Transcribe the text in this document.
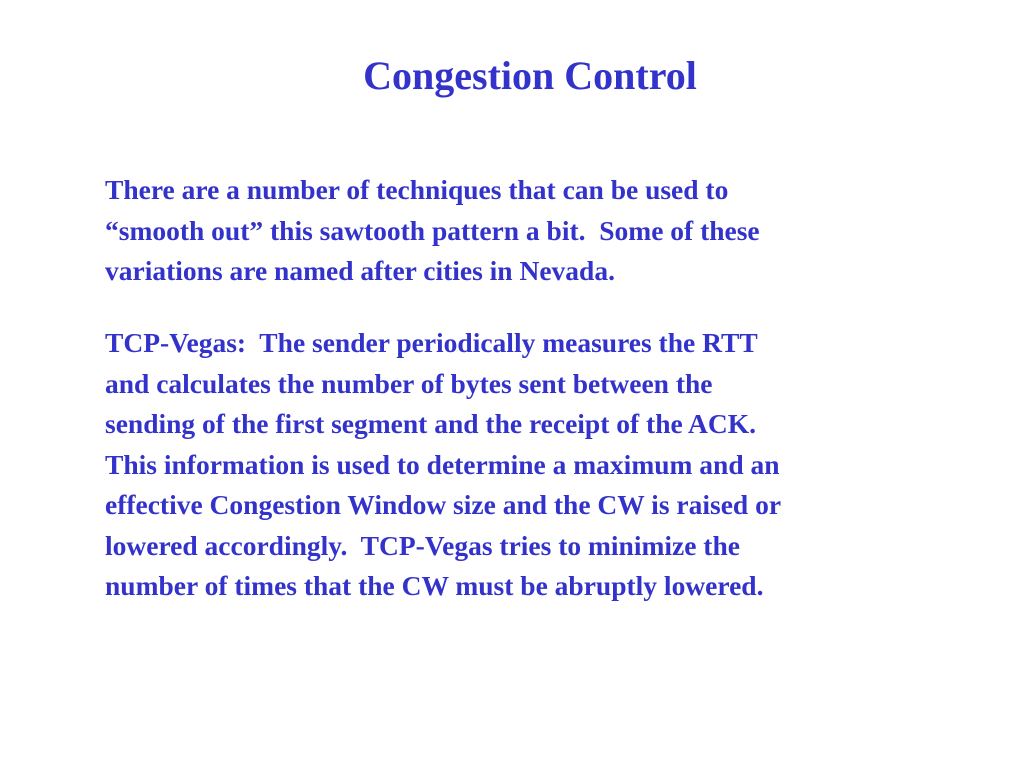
Congestion Control

There are a number of techniques that can be used to
“smooth out” this sawtooth pattern a bit.  Some of these
variations are named after cities in Nevada.

TCP-Vegas:  The sender periodically measures the RTT
and calculates the number of bytes sent between the
sending of the first segment and the receipt of the ACK.
This information is used to determine a maximum and an
effective Congestion Window size and the CW is raised or
lowered accordingly.  TCP-Vegas tries to minimize the
number of times that the CW must be abruptly lowered.
